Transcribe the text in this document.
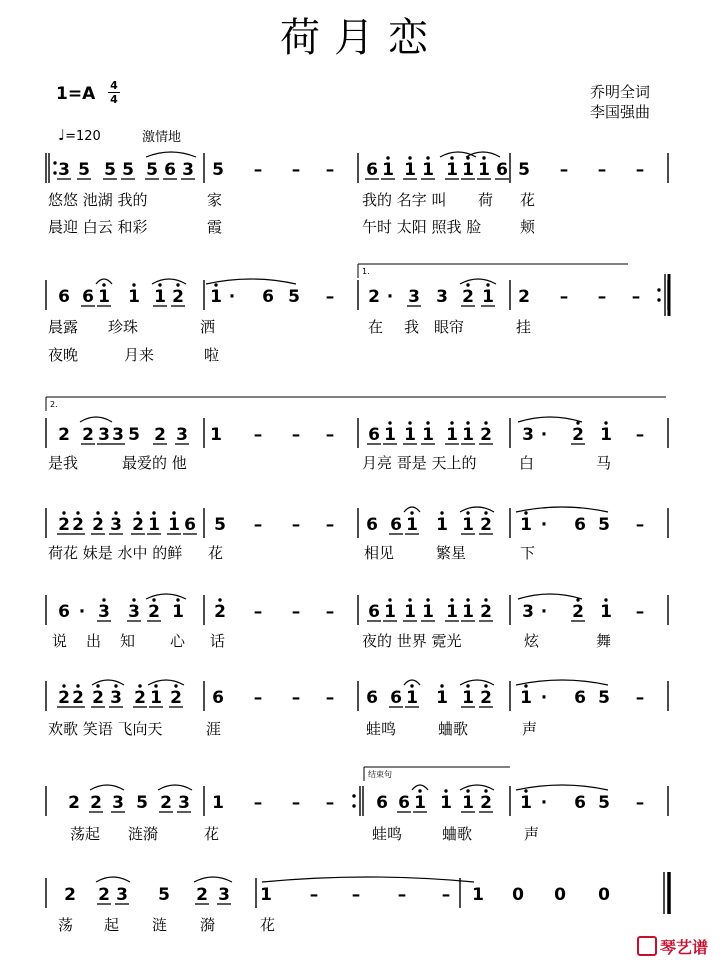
荷月恋
1=A 4
4	乔明全词
李国强曲
♩=120	激情地
3 5 5 5 5 6 3 5 – – – 6 1 1 1 1 1 1 6 5 – – –
6 6 1 1 1 2 1 · 6 5 – 2 · 3 3 2 1 2 – – –
2 2 3 3 5 2 3 1 – – – 6 1 1 1 1 1 2 3 · 2 1 –
2 2 2 3 2 1 1 6 5 – – – 6 6 1 1 1 2 1 · 6 5 –
6 · 3 3 2 1 2 – – – 6 1 1 1 1 1 2 3 · 2 1 –
2 2 2 3 2 1 2 6 – – – 6 6 1 1 1 2 1 · 6 5 –
2 2 3 5 2 3 1 – – – 6 6 1 1 1 2 1 · 6 5 –
2 2 3 5 2 3 1 – – – – 1 0 0 0
1.
2.
结束句
悠悠 池湖 我的	家	我的 名字 叫 荷 花
晨迎 白云 和彩	霞	午时 太阳 照我 脸	颊
晨露 珍珠	洒	在 我 眼帘	挂
夜晚	月来	啦
是我	最爱的 他	月亮 哥是 天上的	白	马
荷花 妹是 水中 的鲜 花	相见	繁星	下
说 出 知 心 话	夜的 世界 霓光	炫	舞
欢歌 笑语 飞向天	涯	蛙鸣	蛐歌	声
荡起 涟漪	花	蛙鸣	蛐歌	声
荡 起 涟 漪	花
琴艺谱
